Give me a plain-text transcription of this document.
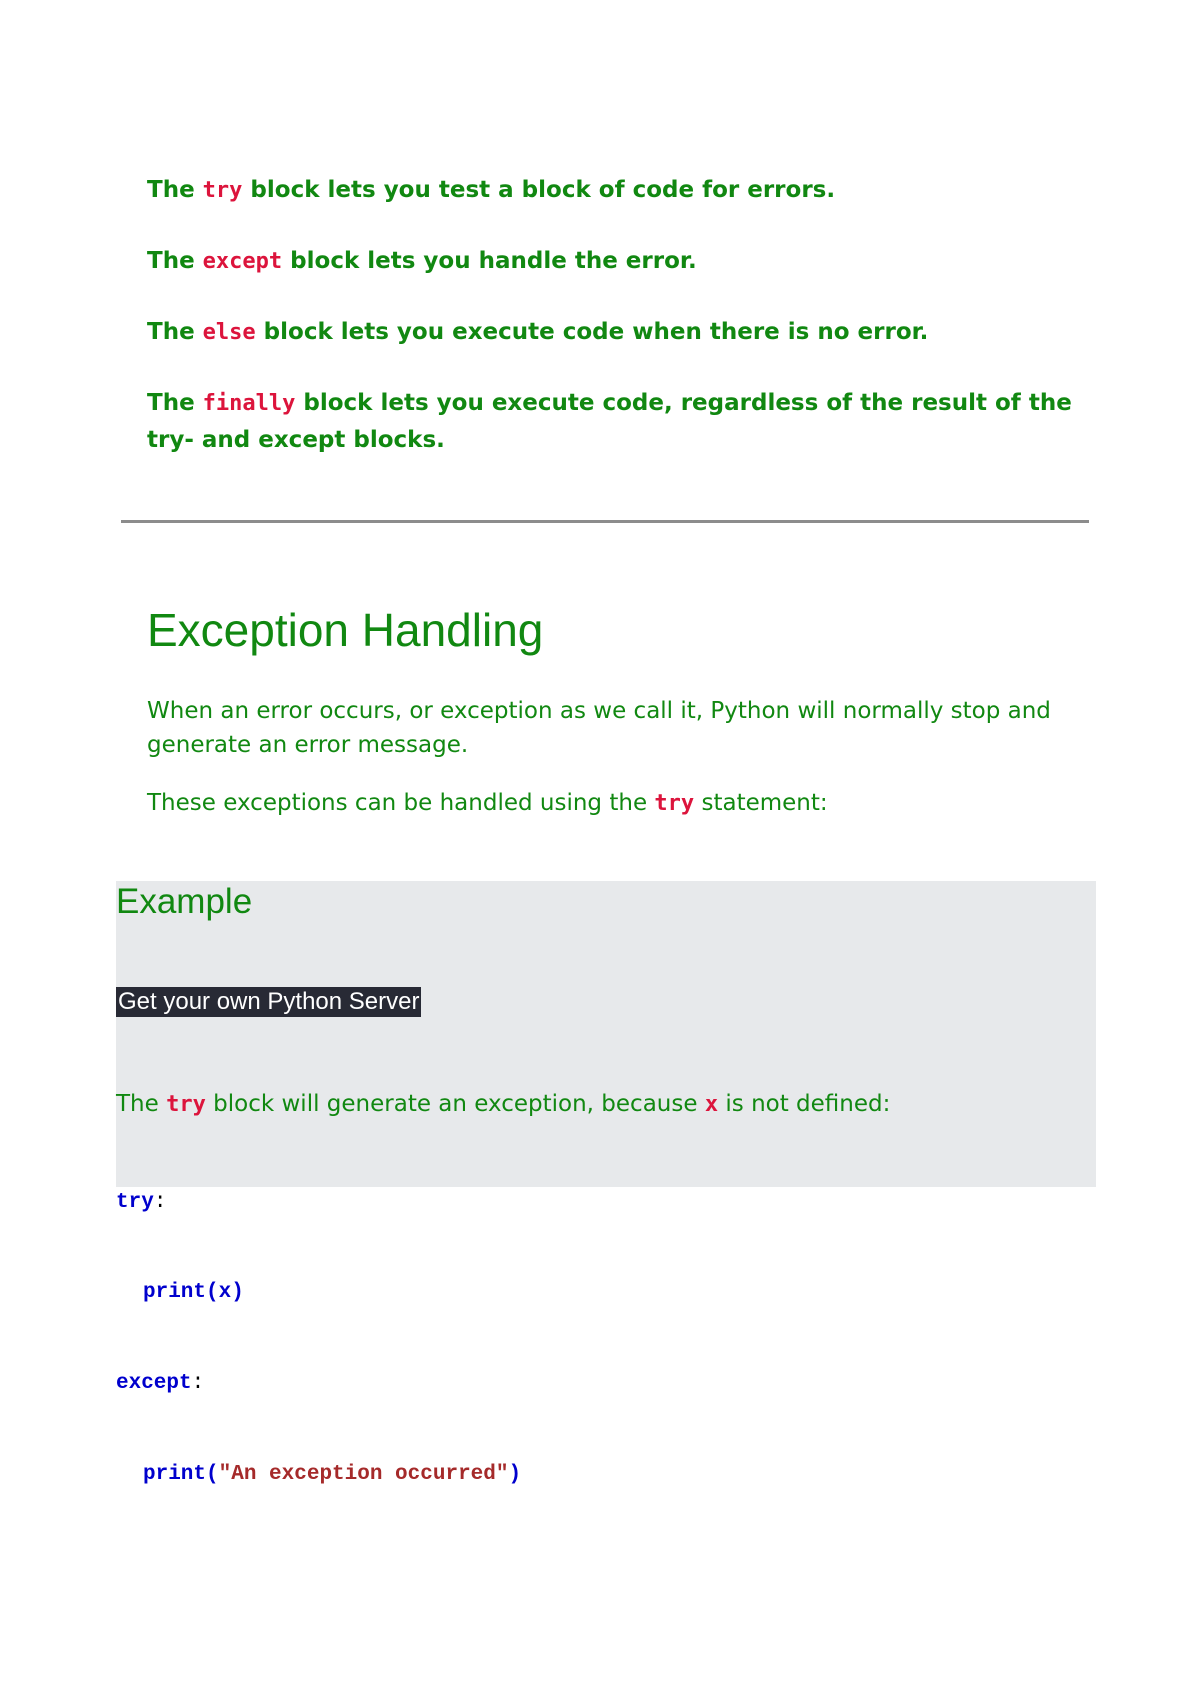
The try block lets you test a block of code for errors.

The except block lets you handle the error.

The else block lets you execute code when there is no error.

The finally block lets you execute code, regardless of the result of the try- and except blocks.

Exception Handling

When an error occurs, or exception as we call it, Python will normally stop and generate an error message.

These exceptions can be handled using the try statement:

Example
Get your own Python Server

The try block will generate an exception, because x is not defined:

try:
print(x)
except:
print("An exception occurred")
